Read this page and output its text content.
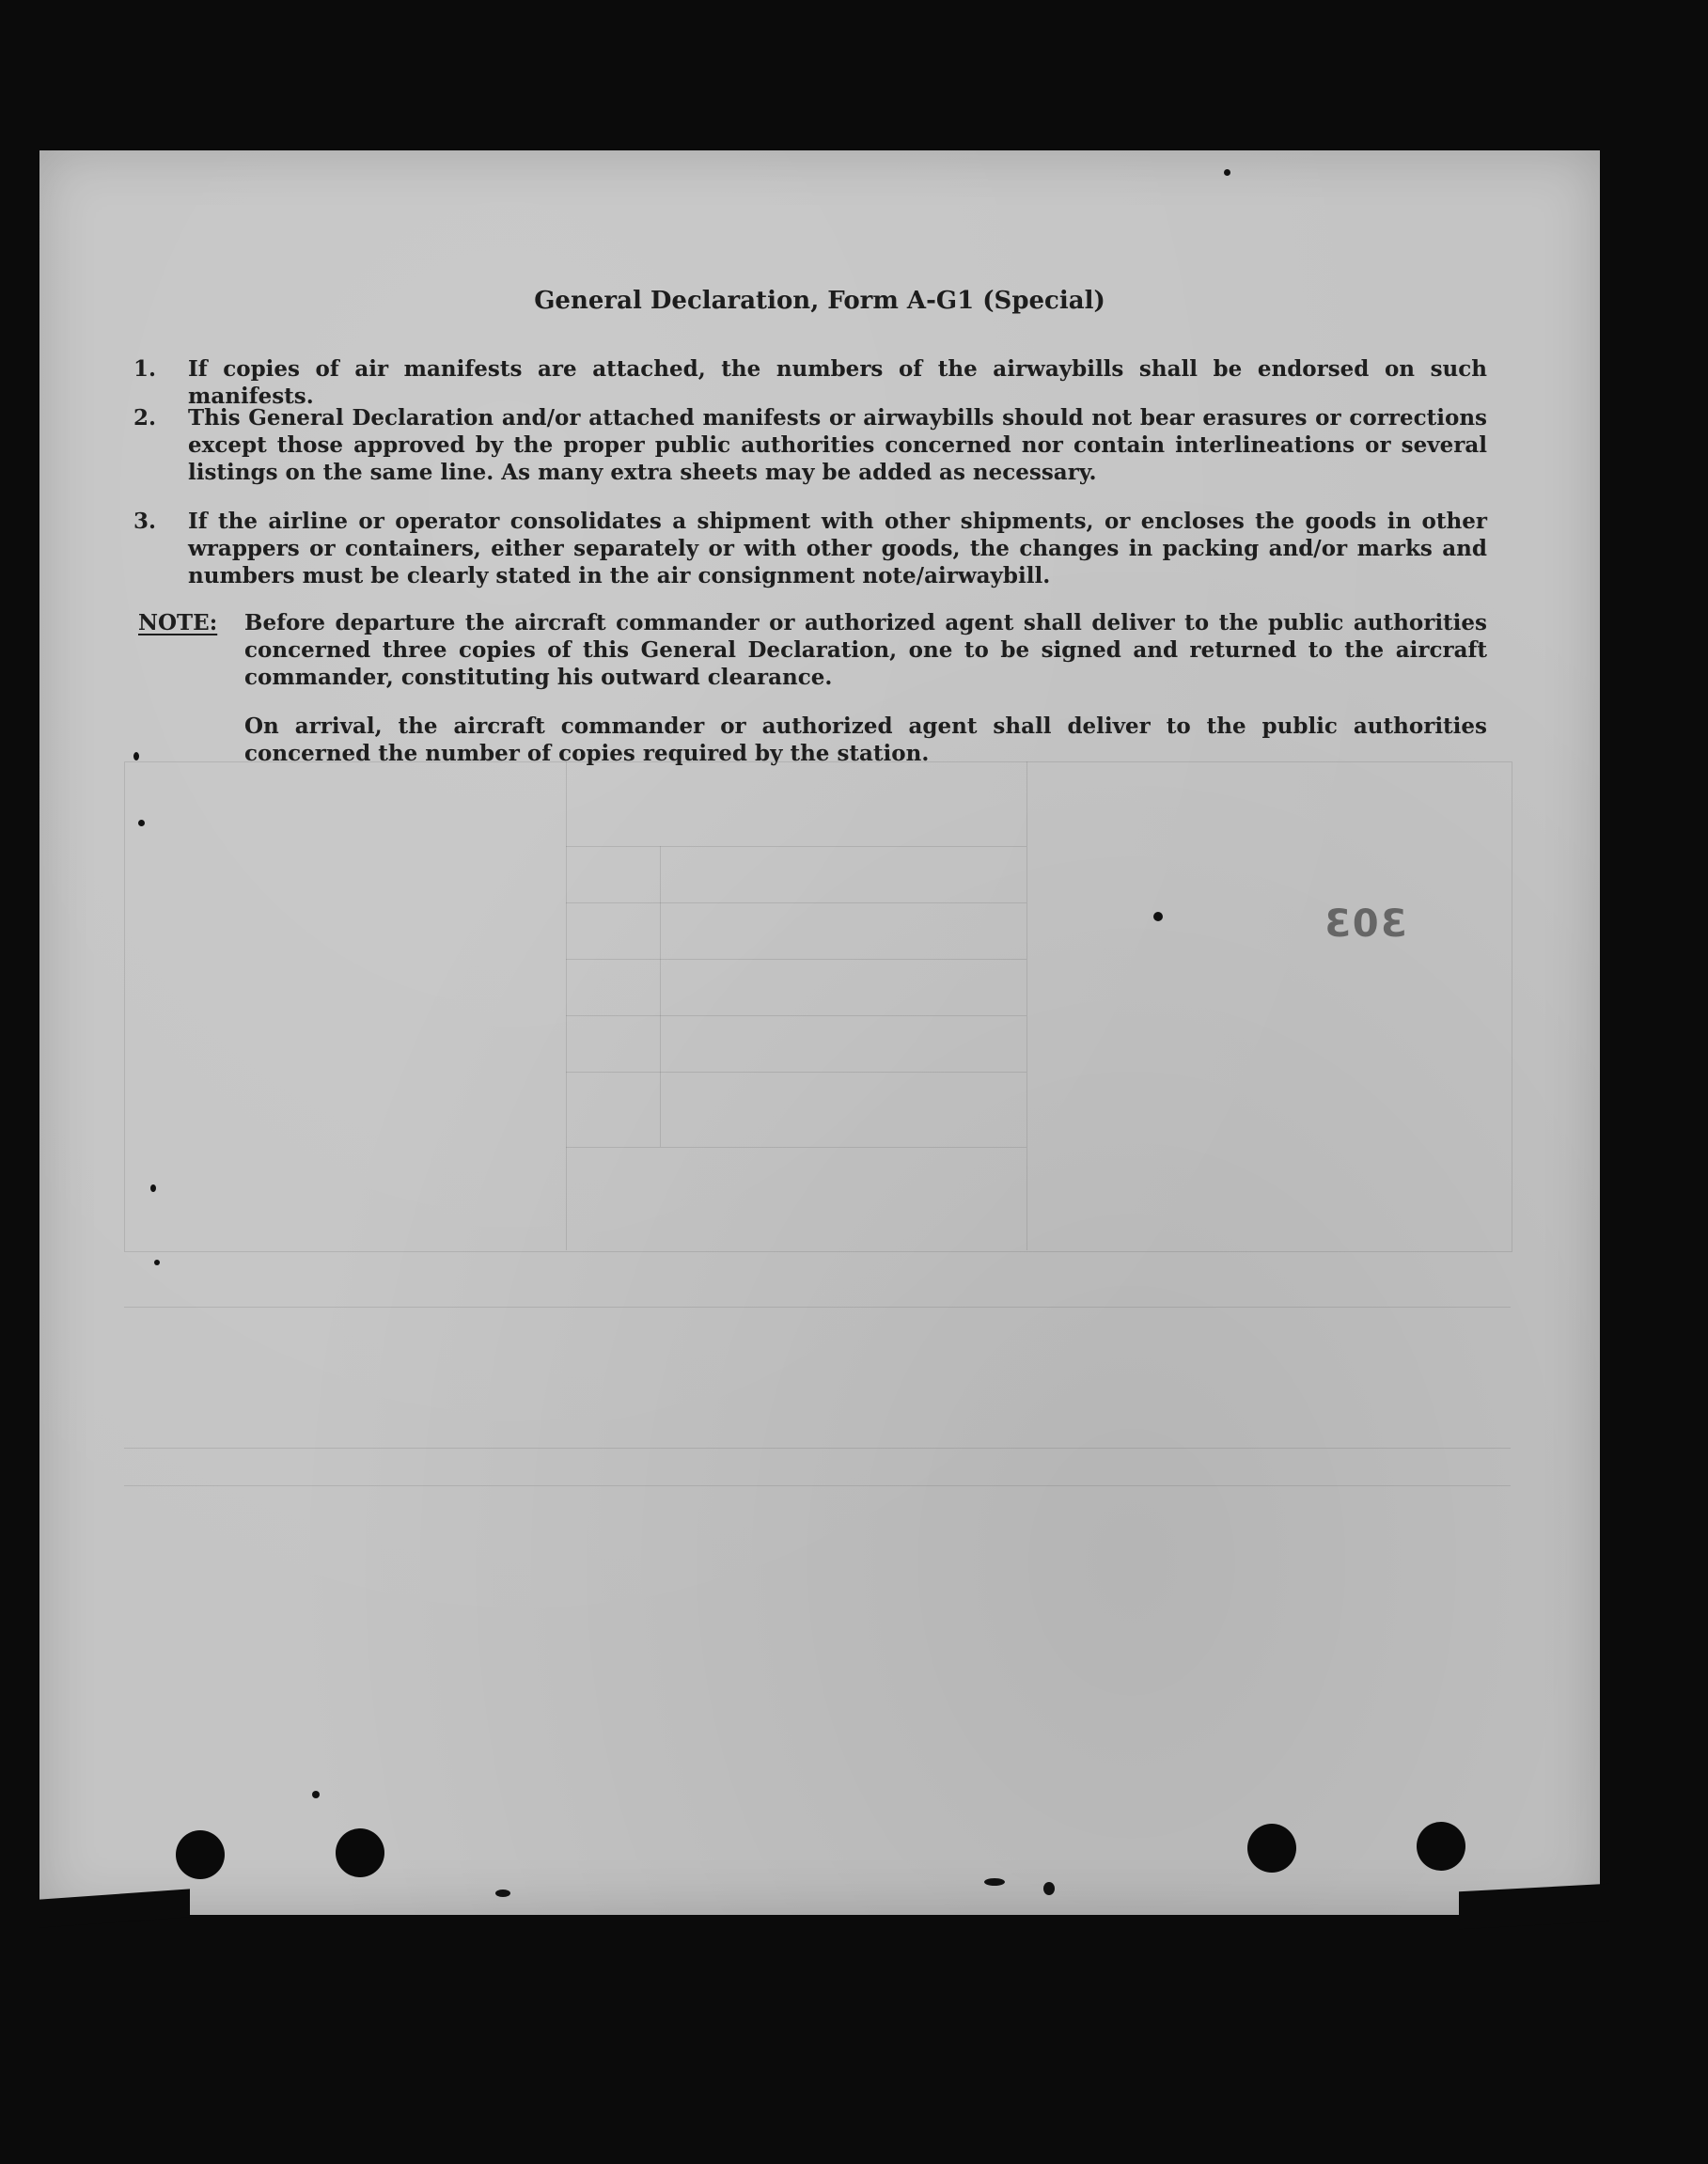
General Declaration, Form A-G1 (Special)
1.	If copies of air manifests are attached, the numbers of the airwaybills shall be endorsed on such manifests.
2.	This General Declaration and/or attached manifests or airwaybills should not bear erasures or corrections except those approved by the proper public authorities concerned nor contain interlineations or several listings on the same line. As many extra sheets may be added as necessary.
3.	If the airline or operator consolidates a shipment with other shipments, or encloses the goods in other wrappers or containers, either separately or with other goods, the changes in packing and/or marks and numbers must be clearly stated in the air consignment note/airwaybill.
NOTE: Before departure the aircraft commander or authorized agent shall deliver to the public authorities concerned three copies of this General Declaration, one to be signed and returned to the aircraft commander, constituting his outward clearance.
On arrival, the aircraft commander or authorized agent shall deliver to the public authorities concerned the number of copies required by the station.
303
